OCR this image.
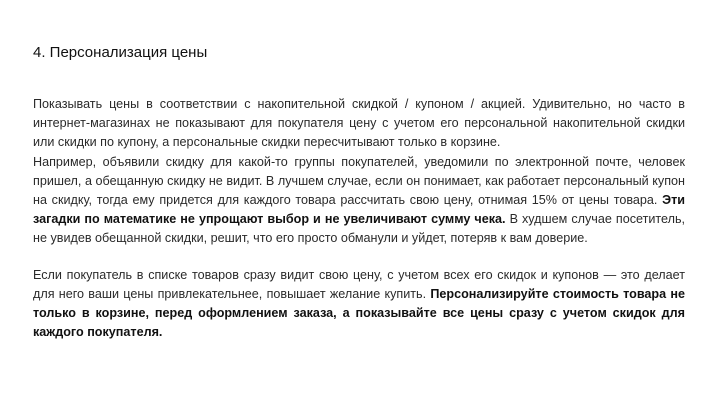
4. Персонализация цены

Показывать цены в соответствии с накопительной скидкой / купоном / акцией. Удивительно, но часто в интернет-магазинах не показывают для покупателя цену с учетом его персональной накопительной скидки или скидки по купону, а персональные скидки пересчитывают только в корзине.

Например, объявили скидку для какой-то группы покупателей, уведомили по электронной почте, человек пришел, а обещанную скидку не видит. В лучшем случае, если он понимает, как работает персональный купон на скидку, тогда ему придется для каждого товара рассчитать свою цену, отнимая 15% от цены товара. Эти загадки по математике не упрощают выбор и не увеличивают сумму чека. В худшем случае посетитель, не увидев обещанной скидки, решит, что его просто обманули и уйдет, потеряв к вам доверие.

Если покупатель в списке товаров сразу видит свою цену, с учетом всех его скидок и купонов — это делает для него ваши цены привлекательнее, повышает желание купить. Персонализируйте стоимость товара не только в корзине, перед оформлением заказа, а показывайте все цены сразу с учетом скидок для каждого покупателя.
